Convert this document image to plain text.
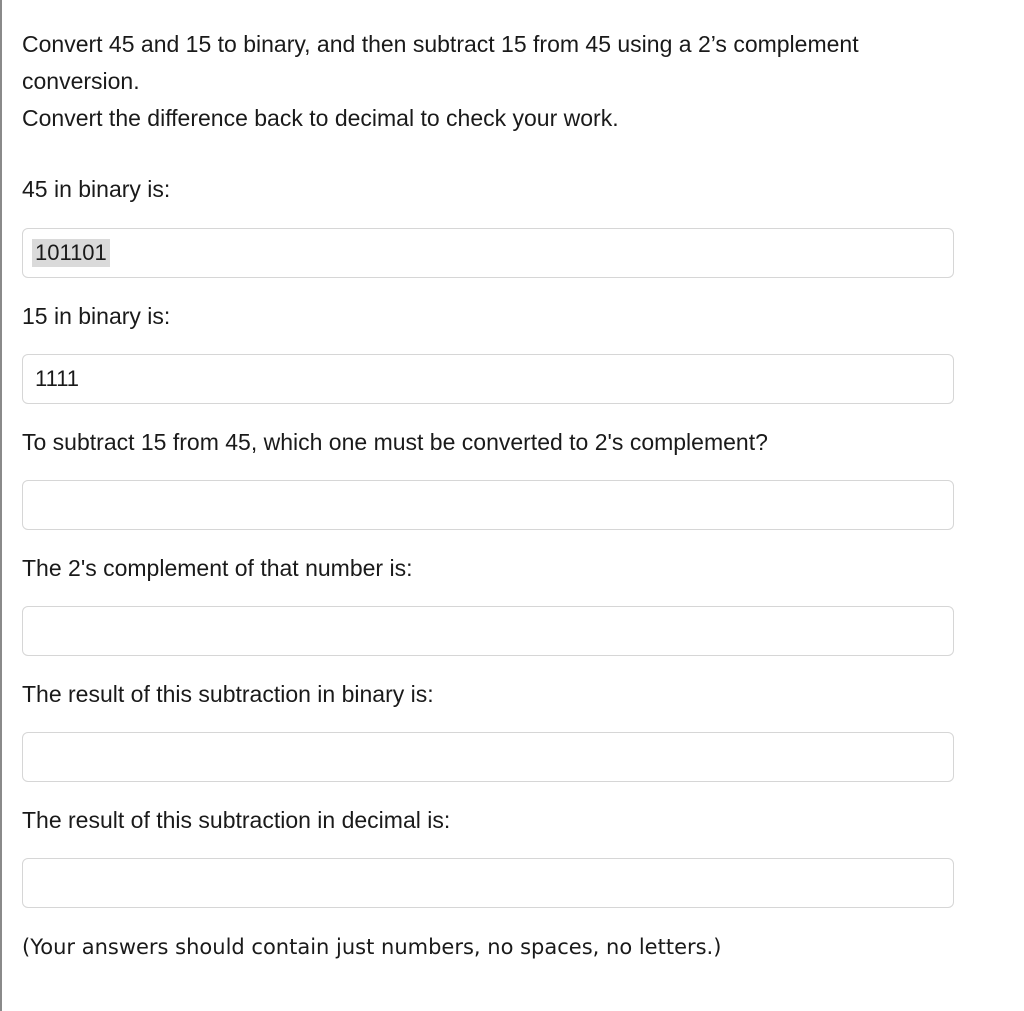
Convert 45 and 15 to binary, and then subtract 15 from 45 using a 2’s complement

conversion.

Convert the difference back to decimal to check your work.

45 in binary is:
101101
15 in binary is:
1111
To subtract 15 from 45, which one must be converted to 2's complement?
The 2's complement of that number is:
The result of this subtraction in binary is:
The result of this subtraction in decimal is:
(Your answers should contain just numbers, no spaces, no letters.)
